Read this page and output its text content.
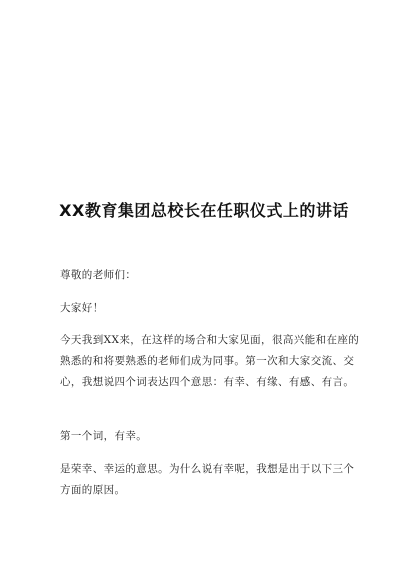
XX教育集团总校长在任职仪式上的讲话

尊敬的老师们：

大家好！

今天我到XX来，在这样的场合和大家见面，很高兴能和在座的熟悉的和将要熟悉的老师们成为同事。第一次和大家交流、交心，我想说四个词表达四个意思：有幸、有缘、有感、有言。

第一个词，有幸。

是荣幸、幸运的意思。为什么说有幸呢，我想是出于以下三个方面的原因。
